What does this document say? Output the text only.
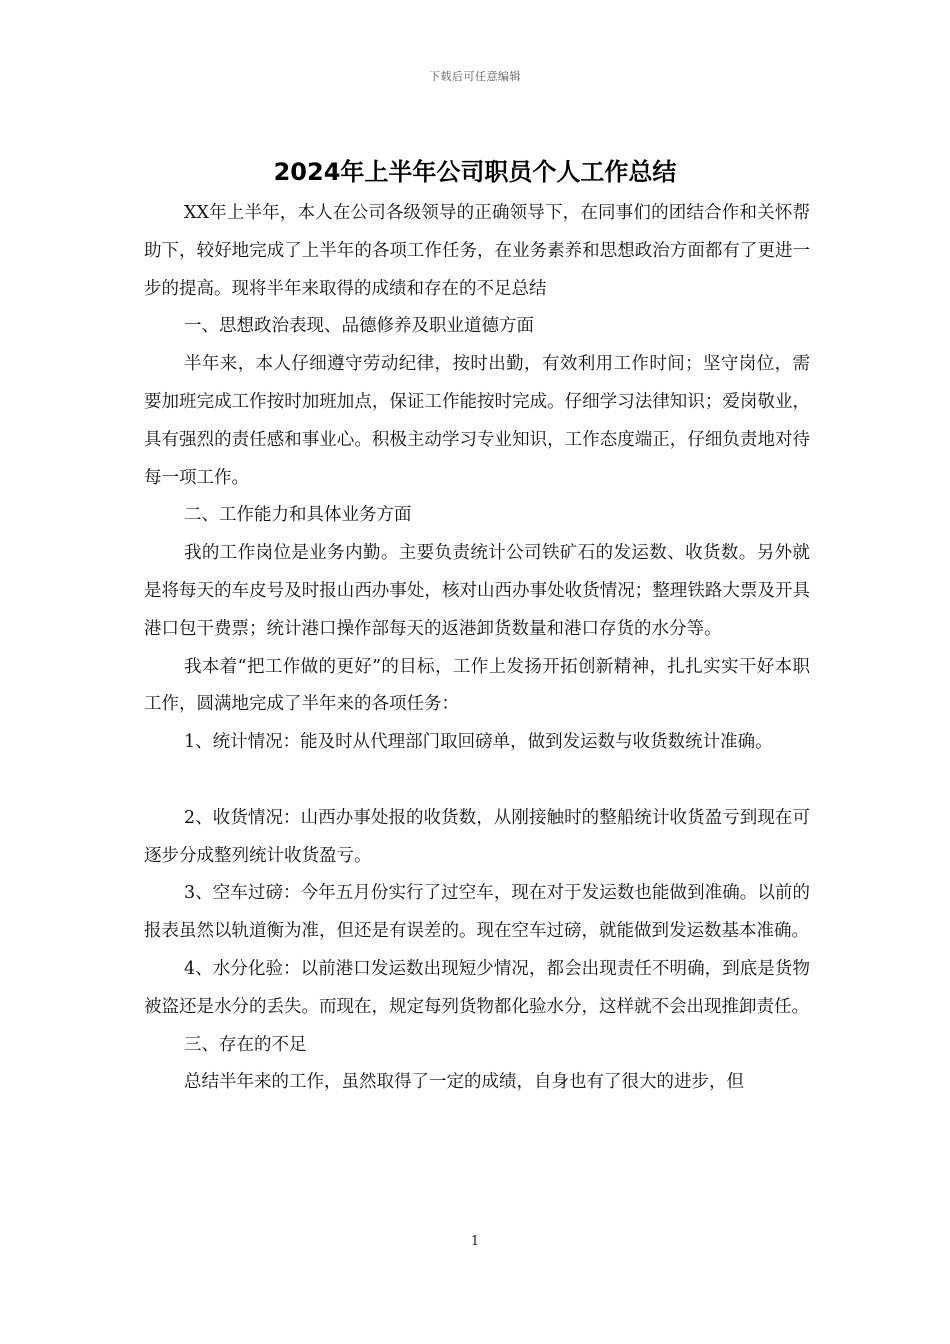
下载后可任意编辑
2024年上半年公司职员个人工作总结

XX年上半年，本人在公司各级领导的正确领导下，在同事们的团结合作和关怀帮助下，较好地完成了上半年的各项工作任务，在业务素养和思想政治方面都有了更进一步的提高。现将半年来取得的成绩和存在的不足总结

一、思想政治表现、品德修养及职业道德方面

半年来，本人仔细遵守劳动纪律，按时出勤，有效利用工作时间；坚守岗位，需要加班完成工作按时加班加点，保证工作能按时完成。仔细学习法律知识；爱岗敬业，具有强烈的责任感和事业心。积极主动学习专业知识，工作态度端正，仔细负责地对待每一项工作。

二、工作能力和具体业务方面

我的工作岗位是业务内勤。主要负责统计公司铁矿石的发运数、收货数。另外就是将每天的车皮号及时报山西办事处，核对山西办事处收货情况；整理铁路大票及开具港口包干费票；统计港口操作部每天的返港卸货数量和港口存货的水分等。

我本着“把工作做的更好”的目标，工作上发扬开拓创新精神，扎扎实实干好本职工作，圆满地完成了半年来的各项任务：

1、统计情况：能及时从代理部门取回磅单，做到发运数与收货数统计准确。

2、收货情况：山西办事处报的收货数，从刚接触时的整船统计收货盈亏到现在可逐步分成整列统计收货盈亏。

3、空车过磅：今年五月份实行了过空车，现在对于发运数也能做到准确。以前的报表虽然以轨道衡为准，但还是有误差的。现在空车过磅，就能做到发运数基本准确。

4、水分化验：以前港口发运数出现短少情况，都会出现责任不明确，到底是货物被盗还是水分的丢失。而现在，规定每列货物都化验水分，这样就不会出现推卸责任。

三、存在的不足

总结半年来的工作，虽然取得了一定的成绩，自身也有了很大的进步，但

1
